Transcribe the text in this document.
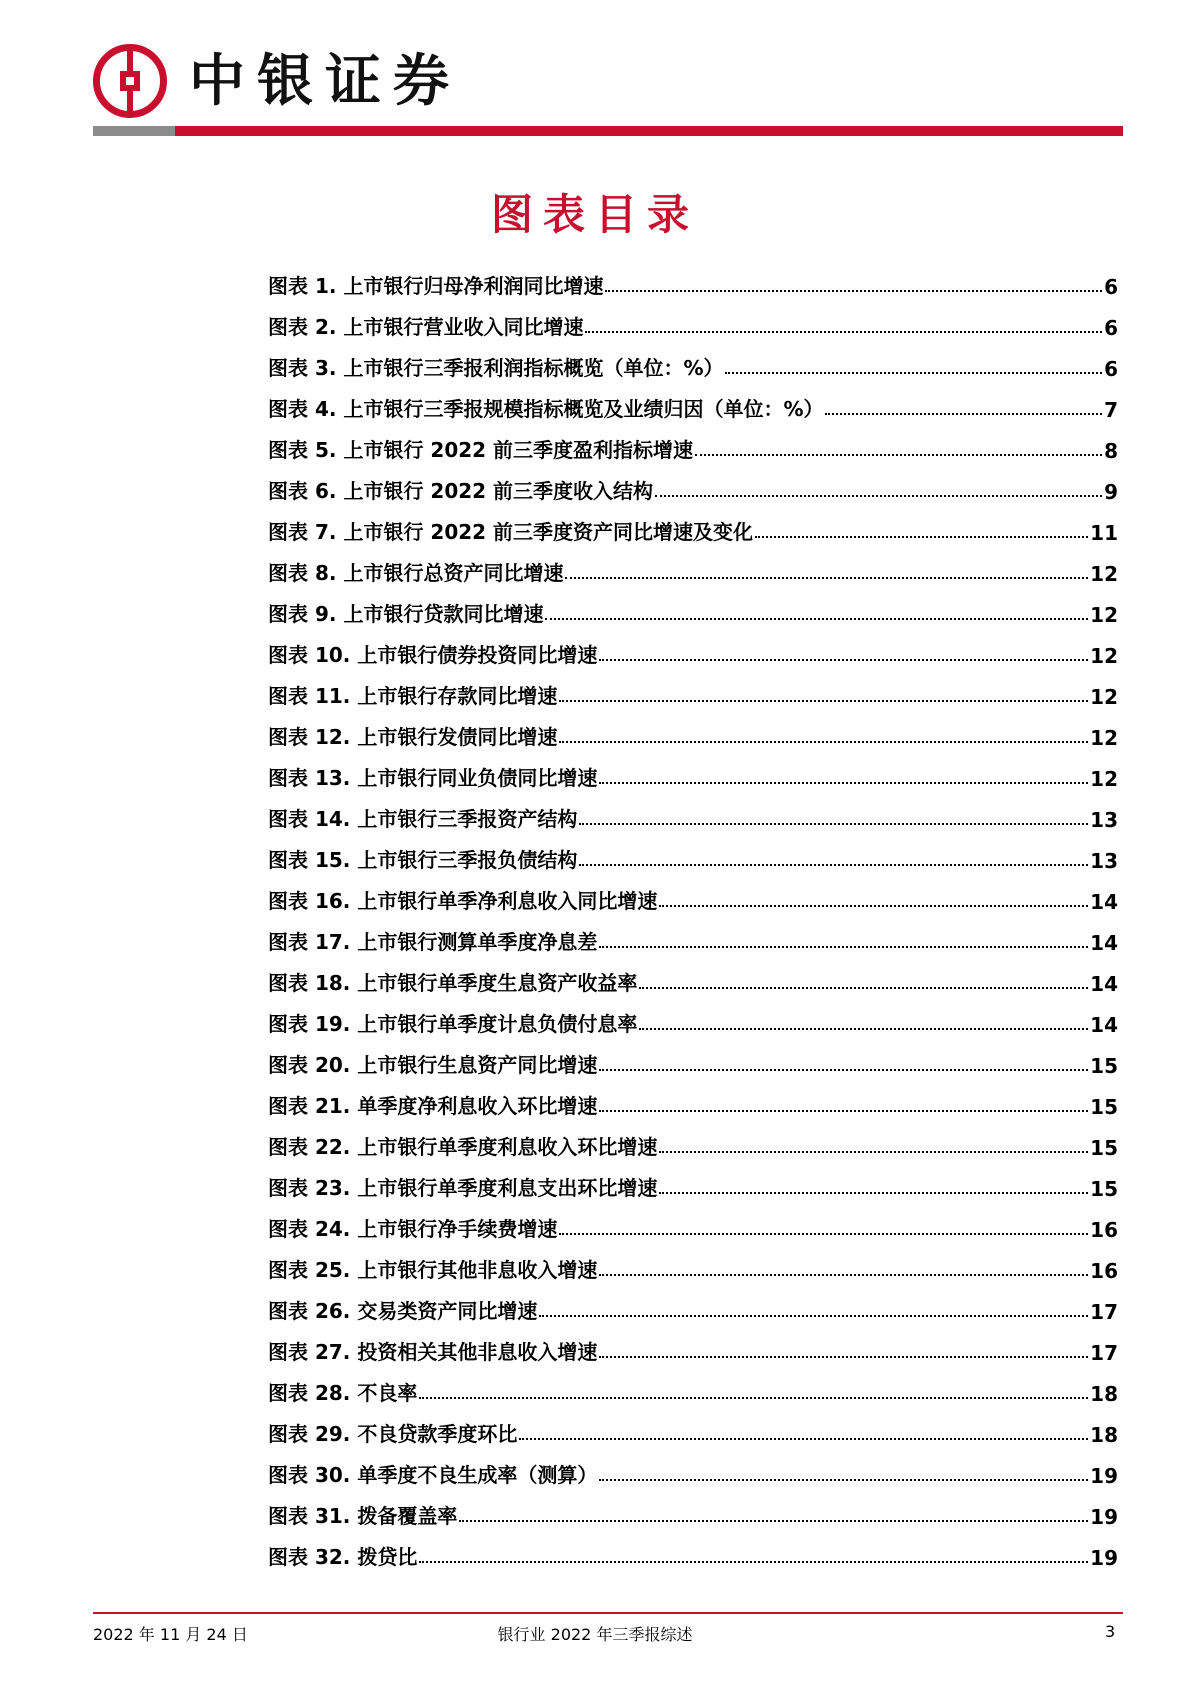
中银证券
图表目录
图表 1. 上市银行归母净利润同比增速	6
图表 2. 上市银行营业收入同比增速	6
图表 3. 上市银行三季报利润指标概览（单位：%）	6
图表 4. 上市银行三季报规模指标概览及业绩归因（单位：%）	7
图表 5. 上市银行 2022 前三季度盈利指标增速	8
图表 6. 上市银行 2022 前三季度收入结构	9
图表 7. 上市银行 2022 前三季度资产同比增速及变化	11
图表 8. 上市银行总资产同比增速	12
图表 9. 上市银行贷款同比增速	12
图表 10. 上市银行债券投资同比增速	12
图表 11. 上市银行存款同比增速	12
图表 12. 上市银行发债同比增速	12
图表 13. 上市银行同业负债同比增速	12
图表 14. 上市银行三季报资产结构	13
图表 15. 上市银行三季报负债结构	13
图表 16. 上市银行单季净利息收入同比增速	14
图表 17. 上市银行测算单季度净息差	14
图表 18. 上市银行单季度生息资产收益率	14
图表 19. 上市银行单季度计息负债付息率	14
图表 20. 上市银行生息资产同比增速	15
图表 21. 单季度净利息收入环比增速	15
图表 22. 上市银行单季度利息收入环比增速	15
图表 23. 上市银行单季度利息支出环比增速	15
图表 24. 上市银行净手续费增速	16
图表 25. 上市银行其他非息收入增速	16
图表 26. 交易类资产同比增速	17
图表 27. 投资相关其他非息收入增速	17
图表 28. 不良率	18
图表 29. 不良贷款季度环比	18
图表 30. 单季度不良生成率（测算）	19
图表 31. 拨备覆盖率	19
图表 32. 拨贷比	19
2022 年 11 月 24 日	银行业 2022 年三季报综述	3
